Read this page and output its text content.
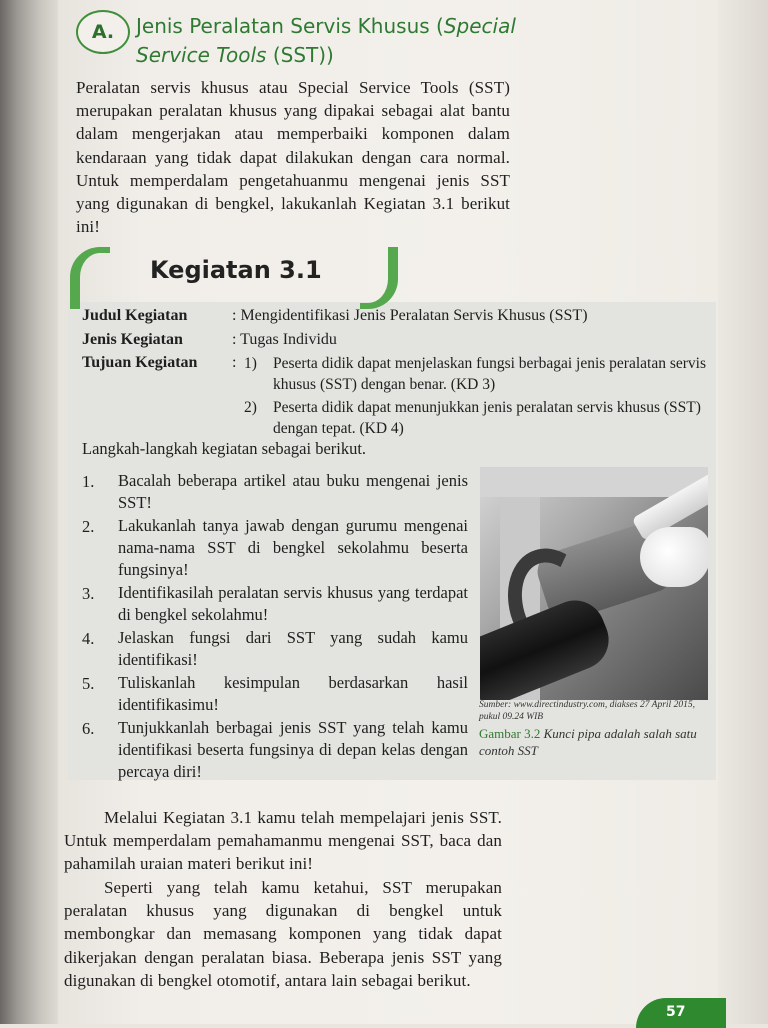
A.	Jenis Peralatan Servis Khusus (Special Service Tools (SST))
Peralatan servis khusus atau Special Service Tools (SST) merupakan peralatan khusus yang dipakai sebagai alat bantu dalam mengerjakan atau memperbaiki komponen dalam kendaraan yang tidak dapat dilakukan dengan cara normal. Untuk memperdalam pengetahuanmu mengenai jenis SST yang digunakan di bengkel, lakukanlah Kegiatan 3.1 berikut ini!
Kegiatan 3.1
Judul Kegiatan	: Mengidentifikasi Jenis Peralatan Servis Khusus (SST)
Jenis Kegiatan	: Tugas Individu
Tujuan Kegiatan : 1) Peserta didik dapat menjelaskan fungsi berbagai jenis peralatan servis khusus (SST) dengan benar. (KD 3)
2) Peserta didik dapat menunjukkan jenis peralatan servis khusus (SST) dengan tepat. (KD 4)
Langkah-langkah kegiatan sebagai berikut.
1. Bacalah beberapa artikel atau buku mengenai jenis SST!
2. Lakukanlah tanya jawab dengan gurumu mengenai nama-nama SST di bengkel sekolahmu beserta fungsinya!
3. Identifikasilah peralatan servis khusus yang terdapat di bengkel sekolahmu!
4. Jelaskan fungsi dari SST yang sudah kamu identifikasi!
5. Tuliskanlah kesimpulan berdasarkan hasil identifikasimu!
6. Tunjukkanlah berbagai jenis SST yang telah kamu identifikasi beserta fungsinya di depan kelas dengan percaya diri!
Sumber: www.directindustry.com, diakses 27 April 2015, pukul 09.24 WIB
Gambar 3.2 Kunci pipa adalah salah satu contoh SST
Melalui Kegiatan 3.1 kamu telah mempelajari jenis SST. Untuk memperdalam pemahamanmu mengenai SST, baca dan pahamilah uraian materi berikut ini!
Seperti yang telah kamu ketahui, SST merupakan peralatan khusus yang digunakan di bengkel untuk membongkar dan memasang komponen yang tidak dapat dikerjakan dengan peralatan biasa. Beberapa jenis SST yang digunakan di bengkel otomotif, antara lain sebagai berikut.
57
